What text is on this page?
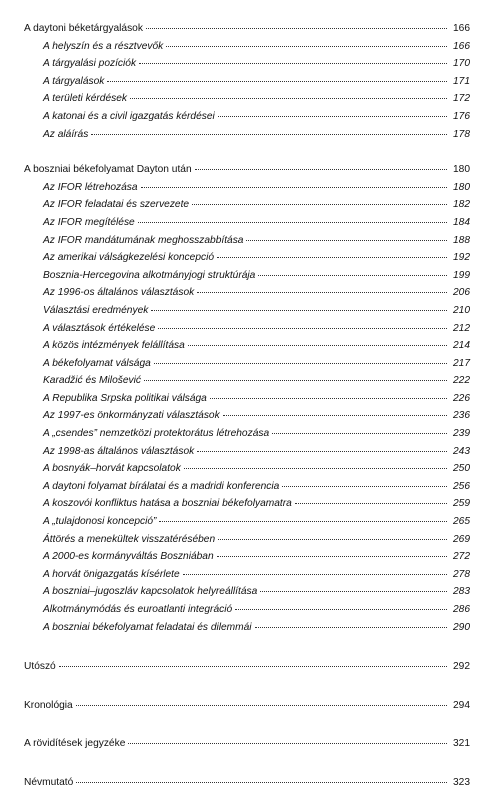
A daytoni béketárgyalások	166
A helyszín és a résztvevők	166
A tárgyalási pozíciók	170
A tárgyalások	171
A területi kérdések	172
A katonai és a civil igazgatás kérdései	176
Az aláírás	178
A boszniai békefolyamat Dayton után	180
Az IFOR létrehozása	180
Az IFOR feladatai és szervezete	182
Az IFOR megítélése	184
Az IFOR mandátumának meghosszabbítása	188
Az amerikai válságkezelési koncepció	192
Bosznia-Hercegovina alkotmányjogi struktúrája	199
Az 1996-os általános választások	206
Választási eredmények	210
A választások értékelése	212
A közös intézmények felállítása	214
A békefolyamat válsága	217
Karadžić és Milošević	222
A Republika Srpska politikai válsága	226
Az 1997-es önkormányzati választások	236
A „csendes” nemzetközi protektorátus létrehozása	239
Az 1998-as általános választások	243
A bosnyák–horvát kapcsolatok	250
A daytoni folyamat bírálatai és a madridi konferencia	256
A koszovói konfliktus hatása a boszniai békefolyamatra	259
A „tulajdonosi koncepció”	265
Áttörés a menekültek visszatérésében	269
A 2000-es kormányváltás Boszniában	272
A horvát önigazgatás kísérlete	278
A boszniai–jugoszláv kapcsolatok helyreállítása	283
Alkotmánymódás és euroatlanti integráció	286
A boszniai békefolyamat feladatai és dilemmái	290
Utószó	292
Kronológia	294
A rövidítések jegyzéke	321
Névmutató	323
